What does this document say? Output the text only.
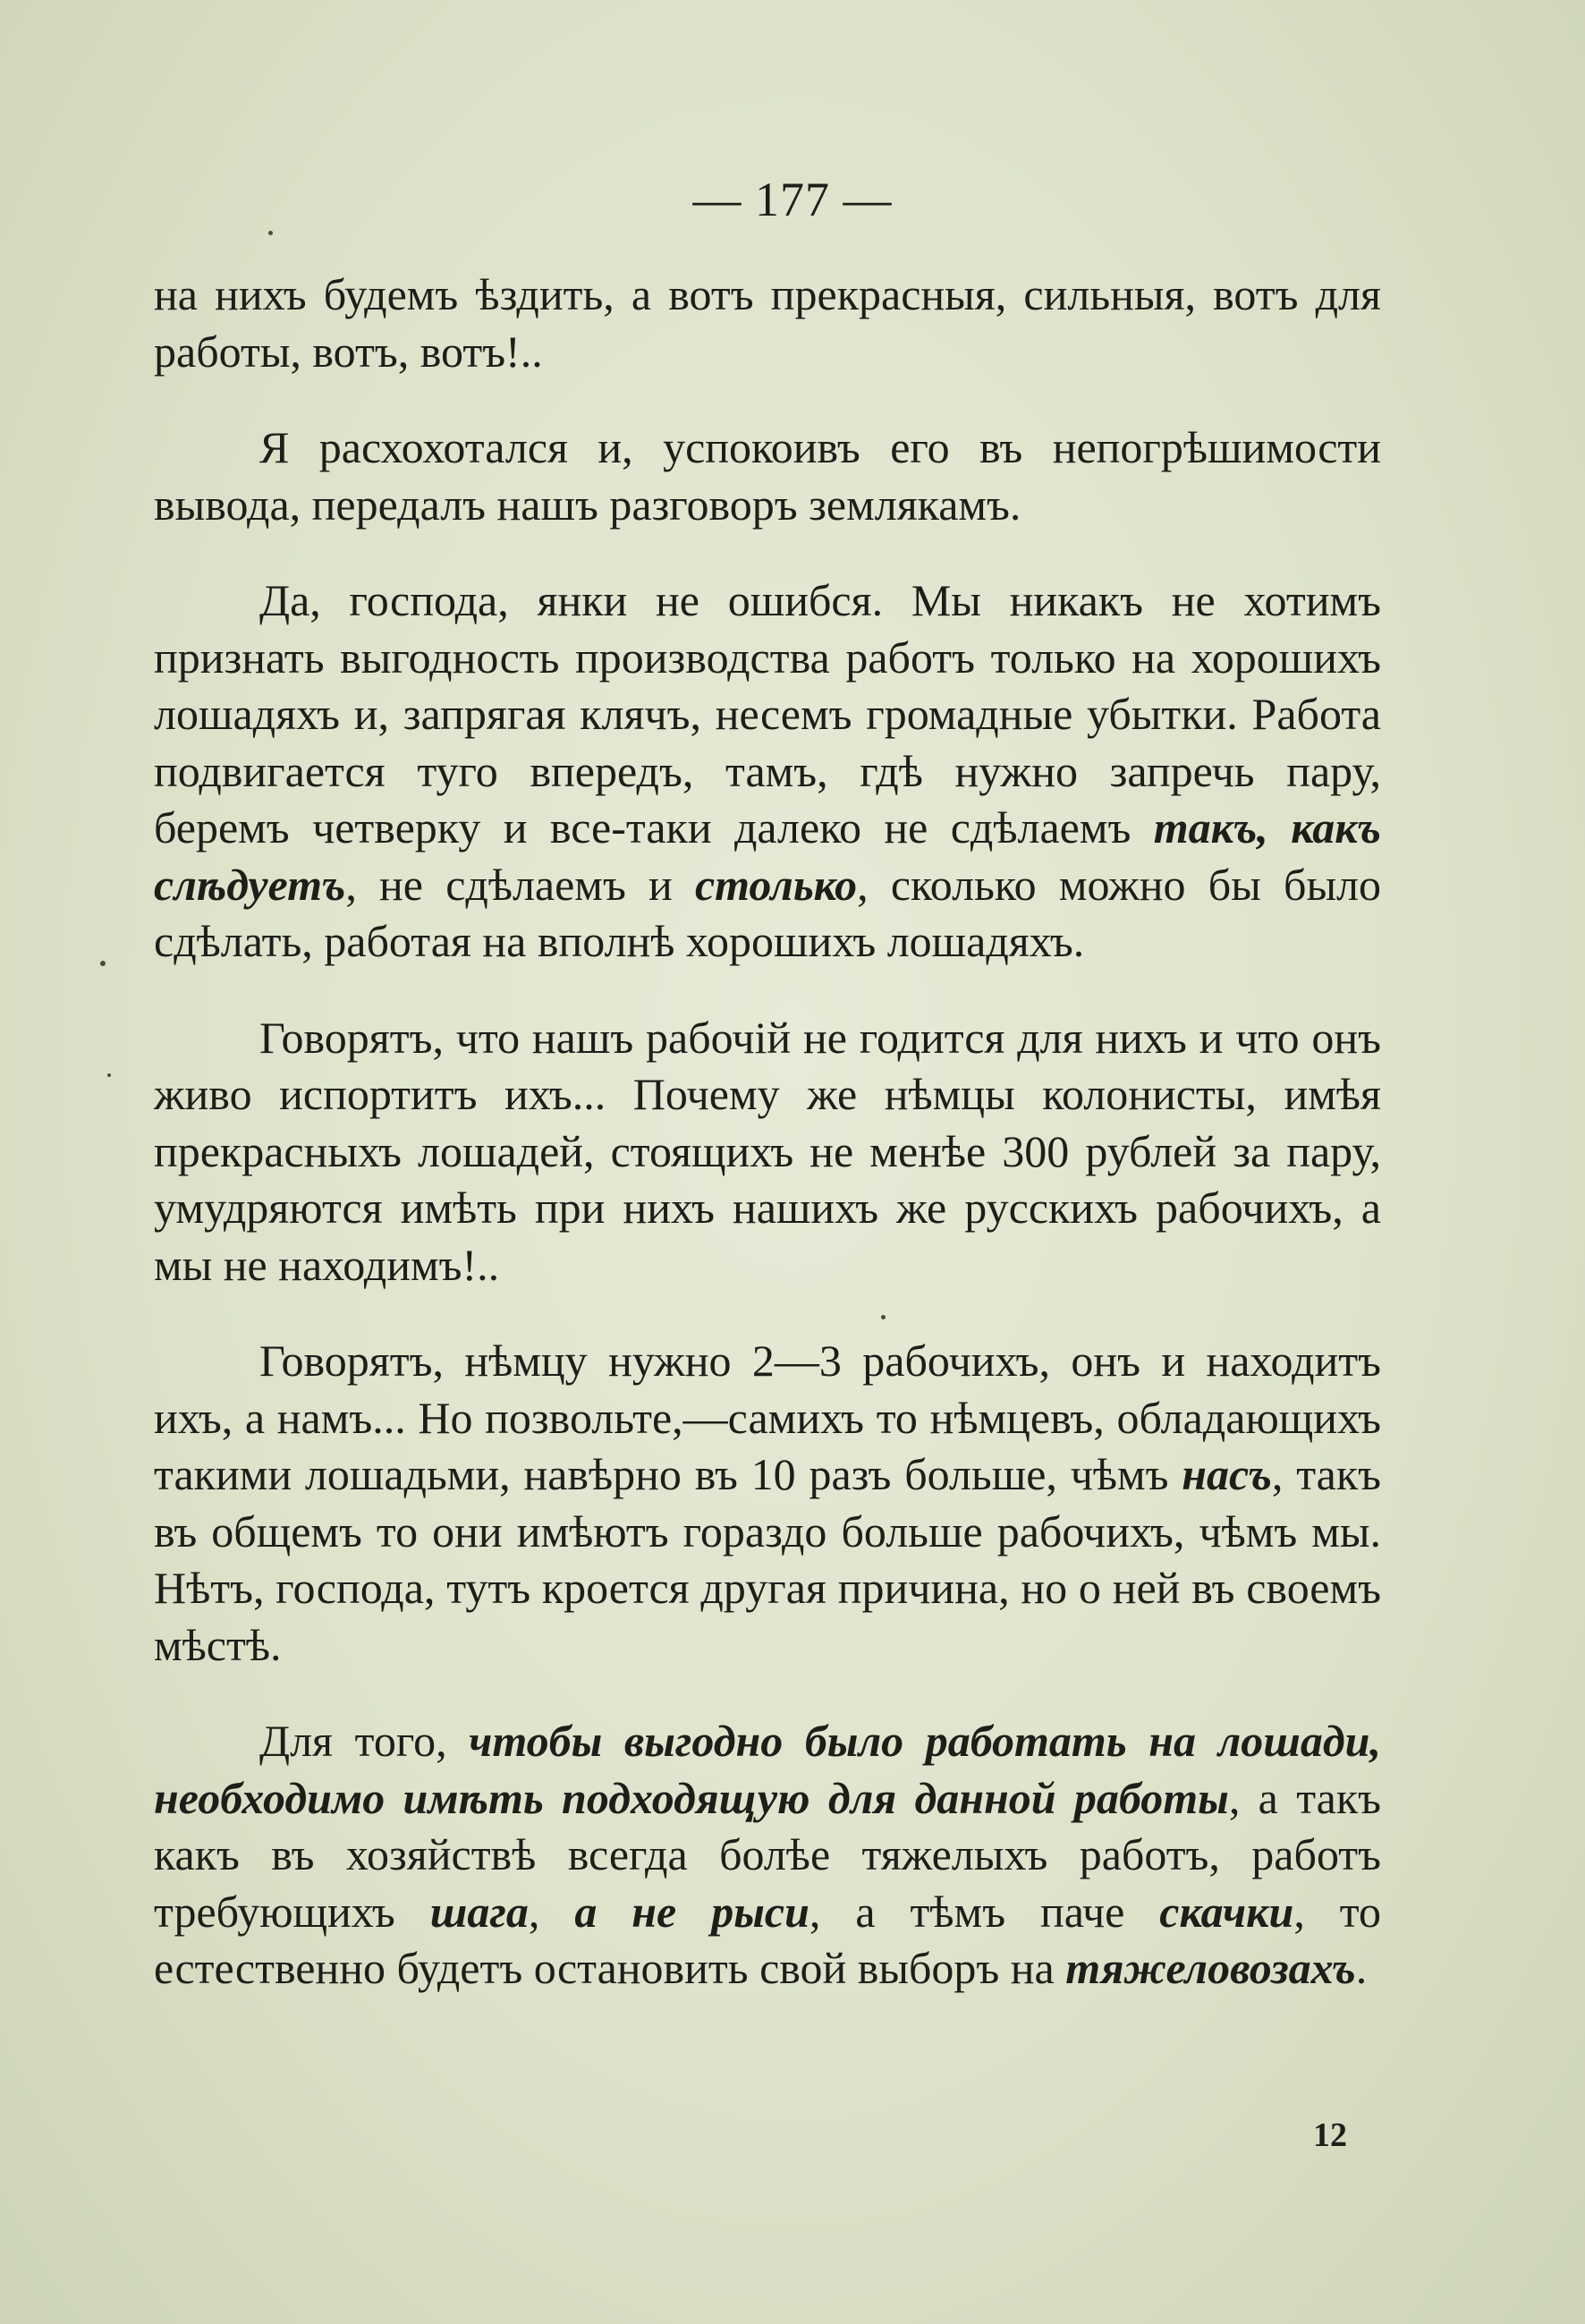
— 177 —

на нихъ будемъ ѣздить, а вотъ прекрасныя, сильныя, вотъ для работы, вотъ, вотъ!..

Я расхохотался и, успокоивъ его въ непогрѣшимости вывода, передалъ нашъ разговоръ землякамъ.

Да, господа, янки не ошибся. Мы никакъ не хотимъ признать выгодность производства работъ только на хорошихъ лошадяхъ и, запрягая клячъ, несемъ громадные убытки. Работа подвигается туго впередъ, тамъ, гдѣ нужно запречь пару, беремъ четверку и все-таки далеко не сдѣлаемъ такъ, какъ слѣдуетъ, не сдѣлаемъ и столько, сколько можно бы было сдѣлать, работая на вполнѣ хорошихъ лошадяхъ.

Говорятъ, что нашъ рабочій не годится для нихъ и что онъ живо испортитъ ихъ... Почему же нѣмцы колонисты, имѣя прекрасныхъ лошадей, стоящихъ не менѣе 300 рублей за пару, умудряются имѣть при нихъ нашихъ же русскихъ рабочихъ, а мы не находимъ!..

Говорятъ, нѣмцу нужно 2—3 рабочихъ, онъ и находитъ ихъ, а намъ... Но позвольте,—самихъ то нѣмцевъ, обладающихъ такими лошадьми, навѣрно въ 10 разъ больше, чѣмъ насъ, такъ въ общемъ то они имѣютъ гораздо больше рабочихъ, чѣмъ мы. Нѣтъ, господа, тутъ кроется другая причина, но о ней въ своемъ мѣстѣ.

Для того, чтобы выгодно было работать на лошади, необходимо имѣть подходящую для данной работы, а такъ какъ въ хозяйствѣ всегда болѣе тяжелыхъ работъ, работъ требующихъ шага, а не рыси, а тѣмъ паче скачки, то естественно будетъ остановить свой выборъ на тяжеловозахъ.

12
